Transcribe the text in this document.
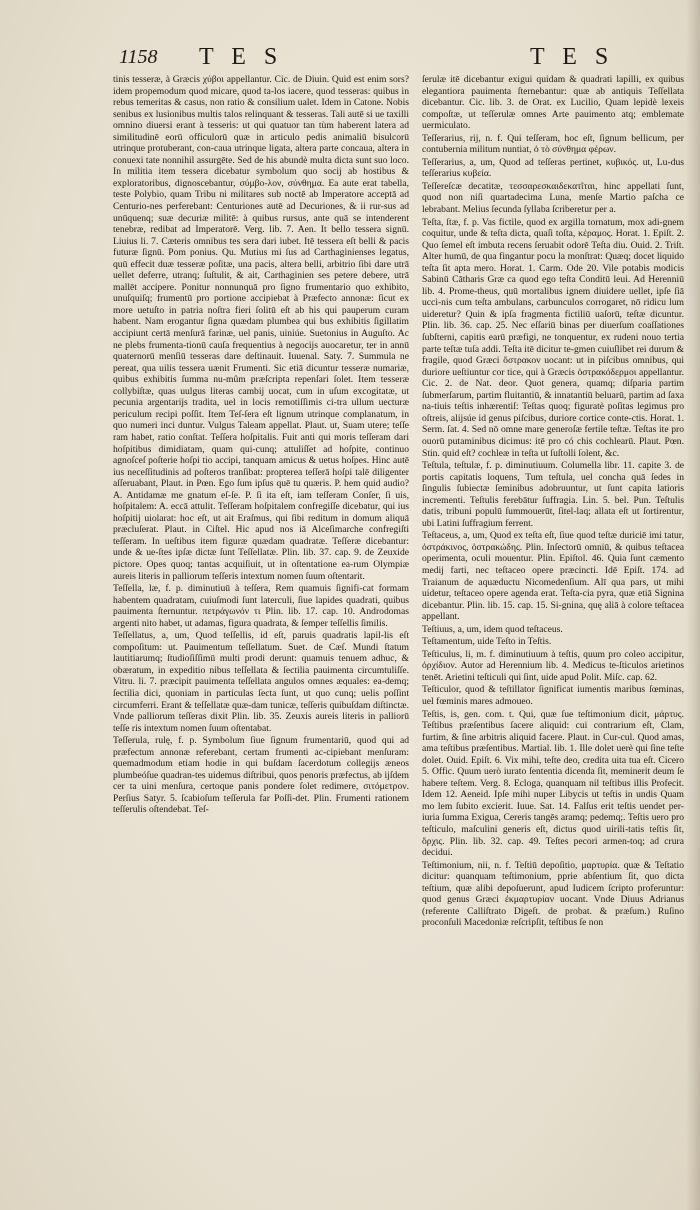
1158 T E S	T E S

tinis tesseræ, à Græcis χύβοι appellantur. Cic. de Diuin. Quid est enim sors? idem propemodum quod micare, quod ta-los iacere, quod tesseras: quibus in rebus temeritas & casus, non ratio & consilium ualet. Idem in Catone. Nobis senibus ex lusionibus multis talos relinquant & tesseras. Tali autē si ue taxilli omnino diuersi erant à tesseris: ut qui quatuor tan tùm haberent latera ad similitudinē eorū officulorū quæ in articulo pedis animaliū bisulcorū utrinque protuberant, con-caua utrinque ligata, altera parte concaua, altera in conuexi tate nonnihil assurgēte. Sed de his abundè multa dicta sunt suo loco. In militia item tessera dicebatur symbolum quo socij ab hostibus & exploratoribus, dignoscebantur, σύμβο-λον, σύνθημα. Ea aute erat tabella, teste Polybio, quam Tribu ni militares sub noctē ab Imperatore acceptā ad Centurio-nes perferebant: Centuriones autē ad Decuriones, & ii rur-sus ad unūquenq; suæ decuriæ militē: à quibus rursus, ante quā se intenderent tenebræ, redibat ad Imperatorē. Verg. lib. 7. Aen. It bello tessera signū. Liuius li. 7. Cæteris omnibus tes sera dari iubet. Itē tessera eſt belli & pacis futuræ ſignū. Pom ponius. Qu. Mutius mi ſus ad Carthaginienses legatus, quū effecit duæ tesseræ poſitæ, una pacis, altera belli, arbitrio ſibi dare utrā uellet deferre, utranq; ſuſtulit, & ait, Carthaginien ses petere debere, utrā mallēt accipere. Ponitur nonnunquā pro ſigno frumentario quo exhibito, unuſquiſq; frumentū pro portione accipiebat à Præfecto annonæ: ſicut ex more uetuſto in patria noſtra fieri ſolitū eſt ab his qui pauperum curam habent. Nam erogantur ſigna quædam plumbea qui bus exhibitis ſigillatim accipiunt certā menſurā farinæ, uel panis, uiniúe. Suetonius in Auguſto. Ac ne plebs frumenta-tionū cauſa frequentius à negocijs auocaretur, ter in annū quaternorū menſiū tesseras dare deſtinauit. Iuuenal. Saty. 7. Summula ne pereat, qua uilis tessera uænit Frumenti. Sic etiā dicuntur tesseræ numariæ, quibus exhibitis ſumma nu-mûm præſcripta repenſari ſolet. Item tesseræ collybiſtæ, quas uulgus literas cambij uocat, cum in uſum excogitatæ, ut pecunia argentarijs tradita, uel in locis remotiſſimis ci-tra ullum uecturæ periculum recipi poſſit. Item Teſ-ſera eſt lignum utrinque complanatum, in quo numeri inci duntur. Vulgus Taleam appellat. Plaut. ut, Suam utere; teſſe ram habet, ratio conſtat. Teſſera hoſpitalis. Fuit anti qui moris teſſeram dari hoſpitibus dimidiatam, quam qui-cunq; attuliſſet ad hoſpite, continuo agnoſceſ poſterie hoſpi tio accipi, tanquam amicus & uetus hoſpes. Hinc autē ius neceſſitudinis ad poſteros tranſibat: propterea teſſerā hoſpi talē diligenter aſſeruabant, Plaut. in Pœn. Ego ſum ipſus quē tu quæris. P. hem quid audio? A. Antidamæ me gnatum eſ-ſe. P. ſi ita eſt, iam teſſeram Conſer, ſi uis, hoſpitalem: A. eccā attulit. Teſſeram hoſpitalem confregiſſe dicebatur, qui ius hoſpitij uiolarat: hoc eſt, ut ait Eraſmus, qui ſibi reditum in domum aliquā præcluſerat. Plaut. in Ciſtel. Hic apud nos iā Alceſimarche confregiſti teſſeram. In ueſtibus item figuræ quædam quadratæ. Teſſeræ dicebantur: unde & ue-ſtes ipſæ dictæ ſunt Teſſellatæ. Plin. lib. 37. cap. 9. de Zeuxide pictore. Opes quoq; tantas acquiſiuit, ut in oſtentatione ea-rum Olympiæ aureis literis in palliorum teſſeris intextum nomen ſuum oſtentarit.

Teſſella, læ, f. p. diminutiuū à teſſera, Rem quamuis ſignifi-cat formam habentem quadratam, cuiuſmodi ſunt laterculi, ſiue lapides quadrati, quibus pauimenta ſternuntur. πετράγωνόν τι Plin. lib. 17. cap. 10. Androdomas argenti nito habet, ut adamas, figura quadrata, & ſemper teſſellis ſimilis.

Teſſellatus, a, um, Quod teſſellis, id eſt, paruis quadratis lapil-lis eſt compoſitum: ut. Pauimentum teſſellatum. Suet. de Cæſ. Mundi ſtatum lautitiarumq; ſtudioſiſſimū multi prodi derunt: quamuis tenuem adhuc, & obæratum, in expeditio nibus teſſellata & ſectilia pauimenta circumtuliſſe. Vitru. li. 7. præcipit pauimenta teſſellata angulos omnes æquales: ea-demq; ſectilia dici, quoniam in particulas ſecta ſunt, ut quo cunq; uelis poſſint circumferri. Erant & teſſellatæ quæ-dam tunicæ, teſſeris quibuſdam diſtinctæ. Vnde palliorum teſſeras dixit Plin. lib. 35. Zeuxis aureis literis in palliorū teſſe ris intextum nomen ſuum oſtentabat.

Teſſerula, rulę, f. p. Symbolum ſiue ſignum frumentariū, quod qui ad præfectum annonæ referebant, certam frumenti ac-cipiebant menſuram: quemadmodum etiam hodie in qui buſdam ſacerdotum collegijs æneos plumbeóſue quadran-tes uidemus diſtribui, quos penoris præfectus, ab ijſdem cer ta uini menſura, certoque panis pondere ſolet redimere, σιτόμετρον. Perſius Satyr. 5. ſcabioſum teſſerula far Poſſi-det. Plin. Frumenti rationem teſſerulis oſtendebat. Teſ-

ſerulæ itē dicebantur exigui quidam & quadrati lapilli, ex quibus elegantiora pauimenta ſternebantur: quæ ab antiquis Teſſellata dicebantur. Cic. lib. 3. de Orat. ex Lucilio, Quam lepidè lexeis compoſtæ, ut teſſerulæ omnes Arte pauimento atq; emblemate uermiculato.

Teſſerarius, rij, n. f. Qui teſſeram, hoc eſt, ſignum bellicum, per contubernia militum nuntiat, ὁ τὸ σύνθημα φέρων.

Teſſerarius, a, um, Quod ad teſſeras pertinet, κυβικός. ut, Lu-dus teſſerarius κυβεία.

Teſſereſcæ decatitæ, τεσσαρεσκαιδεκατῖται, hinc appellati ſunt, quod non niſi quartadecima Luna, menſe Martio paſcha ce lebrabant. Melius ſecunda ſyllaba ſcriberetur per a.

Teſta, ſtæ, f. p. Vas fictile, quod ex argilla tornatum, mox adi-gnem coquitur, unde & teſta dicta, quaſi toſta, κέραμος. Horat. 1. Epiſt. 2. Quo ſemel eſt imbuta recens ſeruabit odorē Teſta diu. Ouid. 2. Triſt. Alter humū, de qua fingantur pocu la monſtrat: Quæq; docet liquido teſta ſit apta mero. Horat. 1. Carm. Ode 20. Vile potabis modicis Sabinū Cātharis Græ ca quod ego teſta Conditū leui. Ad Herenniū lib. 4. Prome-theus, quū mortalibus ignem diuidere uellet, ipſe ſiā ucci-nis cum teſta ambulans, carbunculos corrogaret, nō ridicu lum uideretur? Quin & ipſa fragmenta fictiliū uaſorū, teſtæ dicuntur. Plin. lib. 36. cap. 25. Nec eſſariū binas per diuerſum coaſſationes ſubſterni, capitis earū præfigi, ne tonquentur, ex rudeni nouo tertia parte teſtæ tuſa addi. Teſta itē dicitur te-gmen cuiuſlibet rei durum & fragile, quod Græci ὄστρακον uocant: ut in piſcibus omnibus, qui duriore ueſtiuntur cor tice, qui à Græcis ὀστρακόδερμοι appellantur. Cic. 2. de Nat. deor. Quot genera, quamq; diſparia partim ſubmerſarum, partim fluitantiū, & innatantiū beluarū, partim ad ſaxa na-tiuis teſtis inhærentiſ: Teſtas quoq; figuratè poſitas legimus pro oſtreis, alijsúe id genus piſcibus, duriore cortice conte-ctis. Horat. 1. Serm. ſat. 4. Sed nō omne mare generoſæ fertile teſtæ. Teſtas ite pro ouorū putaminibus dicimus: itē pro có chis cochlearū. Plaut. Pœn. Stin. quid eſt? cochleæ in teſta ut ſuſtolli ſolent, &c.

Teſtula, teſtulæ, f. p. diminutiuum. Columella libr. 11. capite 3. de portis capitatis loquens, Tum teſtula, uel concha quā ſedes in ſingulis ſubiectæ ſeminibus adobruuntur, ut ſunt capita latioris incrementi. Teſtulis ferebātur ſuffragia. Lin. 5. bel. Pun. Teſtulis datis, tribuni populū ſummouerūt, ſitel-laq; allata eſt ut ſortirentur, ubi Latini ſuffragium ferrent.

Teſtaceus, a, um, Quod ex teſta eſt, ſiue quod teſtæ duriciē imi tatur, ὀστράκινος, ὀστρακώδης. Plin. Inſectorū omniū, & quibus teſtacea operimenta, oculi mouentur. Plin. Epiſtol. 46. Quia ſunt cæmento medij farti, nec teſtaceo opere præcincti. Idē Epiſt. 174. ad Traianum de aquæductu Nicomedenſium. Alī qua pars, ut mihi uidetur, teſtaceo opere agenda erat. Teſta-cia pyra, quæ etiā Signina dicebantur. Plin. lib. 15. cap. 15. Si-gnina, quę aliā à colore teſtacea appellant.

Teſtiuus, a, um, idem quod teſtaceus.

Teſtamentum, uide Teſto in Teſtis.

Teſticulus, li, m. f. diminutiuum à teſtis, quum pro coleo accipitur, ὀρχίδιον. Autor ad Herennium lib. 4. Medicus te-ſticulos arietinos tenēt. Arietini teſticuli qui ſint, uide apud Polit. Miſc. cap. 62.

Teſticulor, quod & teſtillator ſignificat iumentis maribus ſœminas, uel fœminis mares admoueo.

Teſtis, is, gen. com. t. Qui, quæ ſue teſtimonium dicit, μάρτυς. Teſtibus præſentibus ſacere aliquid: cui contrarium eſt, Clam, furtim, & ſine arbitris aliquid facere. Plaut. in Cur-cul. Quod amas, ama teſtibus præſentibus. Martial. lib. 1. Ille dolet uerè qui ſine teſte dolet. Ouid. Epiſt. 6. Vix mihi, teſte deo, credita uita tua eſt. Cicero 5. Offic. Quum uerò iurato ſententia dicenda ſit, meminerit deum ſe habere teſtem. Verg. 8. Ecloga, quanquam nil teſtibus illis Profecit. Idem 12. Aeneid. Ipſe mihi nuper Libycis ut teſtis in undis Quam mo lem ſubito excierit. Iuue. Sat. 14. Falſus erit teſtis uendet per-iuria ſumma Exigua, Cereris tangēs aramq; pedemq;. Teſtis uero pro teſticulo, maſculini generis eſt, dictus quod uirili-tatis teſtis ſit, ὄρχις. Plin. lib. 32. cap. 49. Teſtes pecori armen-toq; ad crura decidui.

Teſtimonium, nii, n. f. Teſtiū depoſitio, μαρτυρία. quæ & Teſtatio dicitur: quanquam teſtimonium, pprie abſentium ſit, quo dicta teſtium, quæ alibi depoſuerunt, apud Iudicem ſcripto proferuntur: quod genus Græci ἐκμαρτυρίαν uocant. Vnde Diuus Adrianus (referente Calliſtrato Digeſt. de probat. & præſum.) Ruſino proconſuli Macedoniæ reſcripſit, teſtibus ſe non
